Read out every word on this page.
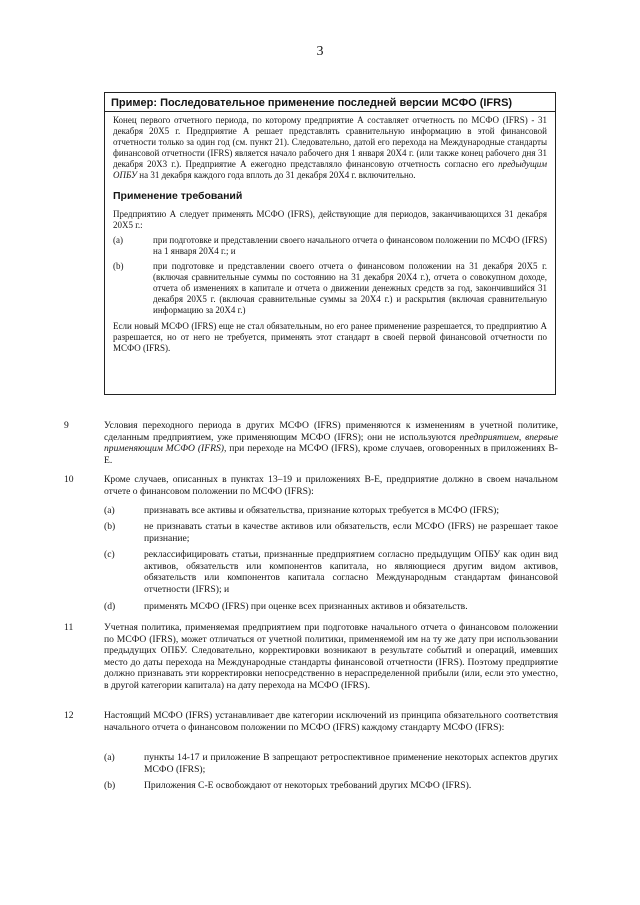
3
Пример: Последовательное применение последней версии МСФО (IFRS)
Конец первого отчетного периода, по которому предприятие А составляет отчетность по МСФО (IFRS) - 31 декабря 20Х5 г. Предприятие А решает представлять сравнительную информацию в этой финансовой отчетности только за один год (см. пункт 21). Следовательно, датой его перехода на Международные стандарты финансовой отчетности (IFRS) является начало рабочего дня 1 января 20Х4 г. (или также конец рабочего дня 31 декабря 20Х3 г.). Предприятие А ежегодно представляло финансовую отчетность согласно его предыдущим ОПБУ на 31 декабря каждого года вплоть до 31 декабря 20Х4 г. включительно.
Применение требований
Предприятию А следует применять МСФО (IFRS), действующие для периодов, заканчивающихся 31 декабря 20Х5 г.:
(a)	при подготовке и представлении своего начального отчета о финансовом положении по МСФО (IFRS) на 1 января 20Х4 г.; и
(b)	при подготовке и представлении своего отчета о финансовом положении на 31 декабря 20Х5 г. (включая сравнительные суммы по состоянию на 31 декабря 20Х4 г.), отчета о совокупном доходе, отчета об изменениях в капитале и отчета о движении денежных средств за год, закончившийся 31 декабря 20Х5 г. (включая сравнительные суммы за 20Х4 г.) и раскрытия (включая сравнительную информацию за 20Х4 г.)
Если новый МСФО (IFRS) еще не стал обязательным, но его ранее применение разрешается, то предприятию А разрешается, но от него не требуется, применять этот стандарт в своей первой финансовой отчетности по МСФО (IFRS).
9	Условия переходного периода в других МСФО (IFRS) применяются к изменениям в учетной политике, сделанным предприятием, уже применяющим МСФО (IFRS); они не используются предприятием, впервые применяющим МСФО (IFRS), при переходе на МСФО (IFRS), кроме случаев, оговоренных в приложениях В-Е.
10	Кроме случаев, описанных в пунктах 13–19 и приложениях В-Е, предприятие должно в своем начальном отчете о финансовом положении по МСФО (IFRS):
(a)	признавать все активы и обязательства, признание которых требуется в МСФО (IFRS);
(b)	не признавать статьи в качестве активов или обязательств, если МСФО (IFRS) не разрешает такое признание;
(c)	реклассифицировать статьи, признанные предприятием согласно предыдущим ОПБУ как один вид активов, обязательств или компонентов капитала, но являющиеся другим видом активов, обязательств или компонентов капитала согласно Международным стандартам финансовой отчетности (IFRS); и
(d)	применять МСФО (IFRS) при оценке всех признанных активов и обязательств.
11	Учетная политика, применяемая предприятием при подготовке начального отчета о финансовом положении по МСФО (IFRS), может отличаться от учетной политики, применяемой им на ту же дату при использовании предыдущих ОПБУ. Следовательно, корректировки возникают в результате событий и операций, имевших место до даты перехода на Международные стандарты финансовой отчетности (IFRS). Поэтому предприятие должно признавать эти корректировки непосредственно в нераспределенной прибыли (или, если это уместно, в другой категории капитала) на дату перехода на МСФО (IFRS).
12	Настоящий МСФО (IFRS) устанавливает две категории исключений из принципа обязательного соответствия начального отчета о финансовом положении по МСФО (IFRS) каждому стандарту МСФО (IFRS):
(a)	пункты 14-17 и приложение В запрещают ретроспективное применение некоторых аспектов других МСФО (IFRS);
(b)	Приложения С-Е освобождают от некоторых требований других МСФО (IFRS).
